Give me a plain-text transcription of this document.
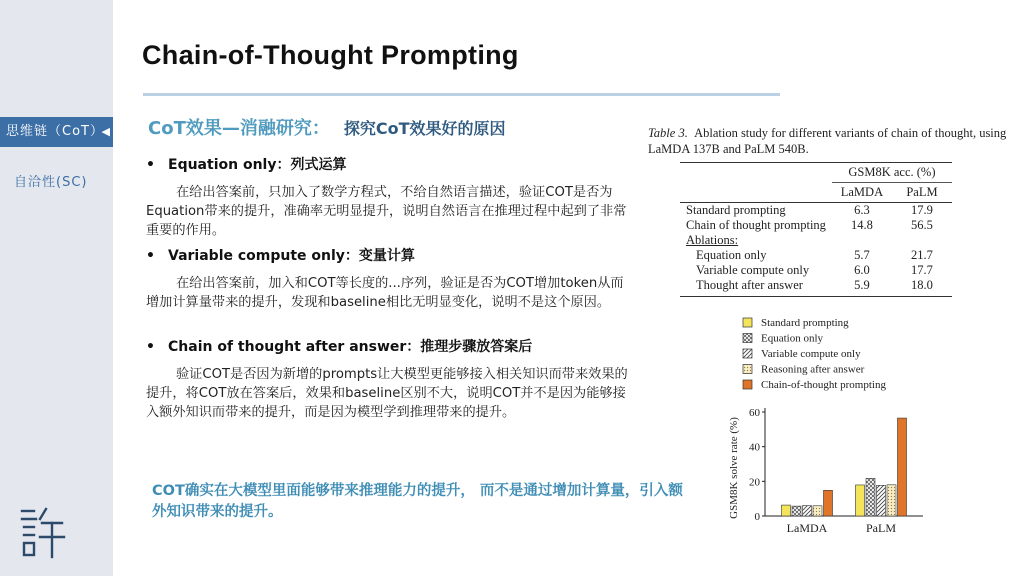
思维链（CoT）
◀
自洽性(SC)
Chain-of-Thought Prompting
CoT效果—消融研究： 探究CoT效果好的原因
• Equation only：列式运算
在给出答案前，只加入了数学方程式，不给自然语言描述，验证COT是否为Equation带来的提升，准确率无明显提升，说明自然语言在推理过程中起到了非常重要的作用。
• Variable compute only：变量计算
在给出答案前，加入和COT等长度的...序列，验证是否为COT增加token从而增加计算量带来的提升，发现和baseline相比无明显变化，说明不是这个原因。
• Chain of thought after answer：推理步骤放答案后
验证COT是否因为新增的prompts让大模型更能够接入相关知识而带来效果的提升，将COT放在答案后，效果和baseline区别不大，说明COT并不是因为能够接入额外知识而带来的提升，而是因为模型学到推理带来的提升。
COT确实在大模型里面能够带来推理能力的提升， 而不是通过增加计算量，引入额外知识带来的提升。
Table 3. Ablation study for different variants of chain of thought, using LaMDA 137B and PaLM 540B.
	GSM8K acc. (%)	
	LaMDA	PaLM
Standard prompting	6.3	17.9
Chain of thought prompting	14.8	56.5
Ablations:		
Equation only	5.7	21.7
Variable compute only	6.0	17.7
Thought after answer	5.9	18.0
Standard prompting
Equation only
Variable compute only
Reasoning after answer
Chain-of-thought prompting
0
20
40
60
GSM8K solve rate (%)
LaMDA	PaLM
